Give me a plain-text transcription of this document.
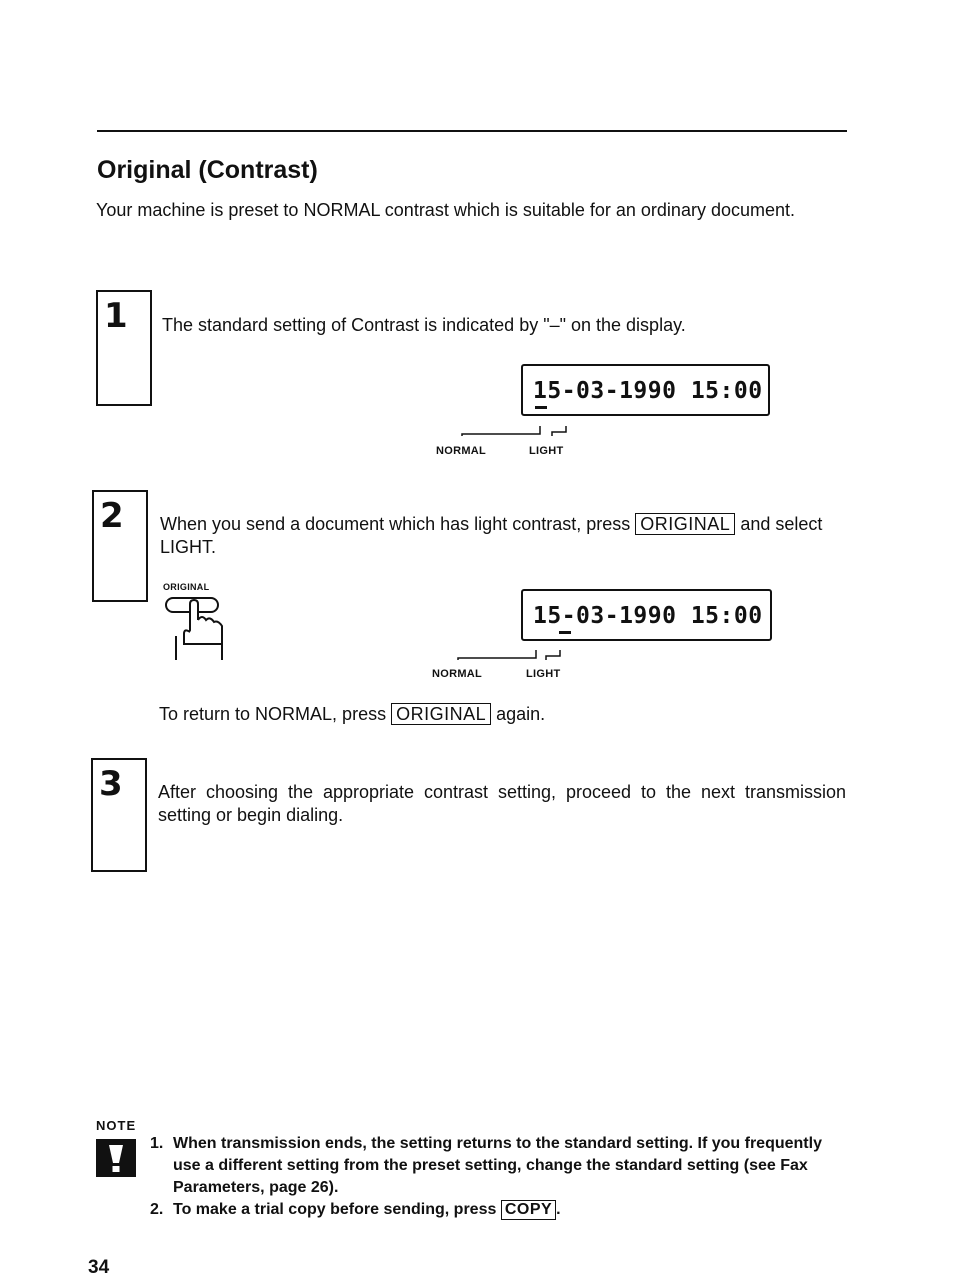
Original (Contrast)

Your machine is preset to NORMAL contrast which is suitable for an ordinary document.

1 The standard setting of Contrast is indicated by "–" on the display.

15-03-1990 15:00
NORMAL	LIGHT
2 When you send a document which has light contrast, press ORIGINAL and select LIGHT.

ORIGINAL
15-03-1990 15:00
NORMAL	LIGHT

To return to NORMAL, press ORIGINAL again.

3 After choosing the appropriate contrast setting, proceed to the next transmission setting or begin dialing.

NOTE
1. When transmission ends, the setting returns to the standard setting. If you frequently use a different setting from the preset setting, change the standard setting (see Fax Parameters, page 26).
2. To make a trial copy before sending, press COPY .
34
